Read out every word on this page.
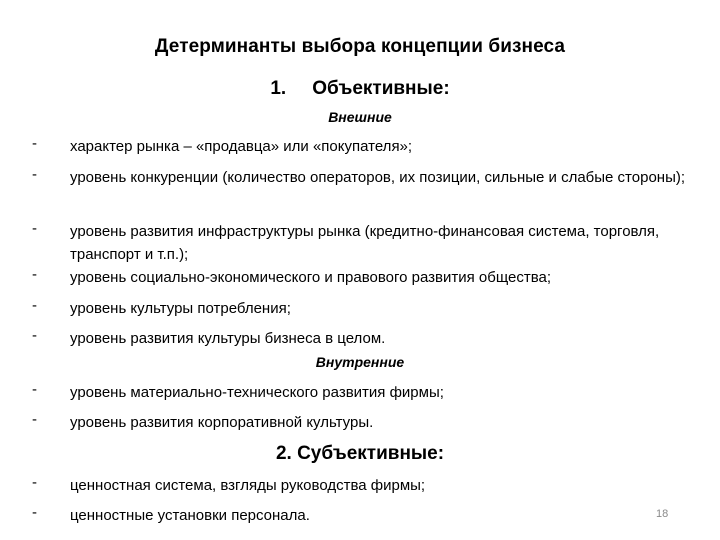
Детерминанты выбора концепции бизнеса
1. Объективные:
Внешние
- характер рынка – «продавца» или «покупателя»;
- уровень конкуренции (количество операторов, их позиции, сильные и слабые стороны);
- уровень развития инфраструктуры рынка (кредитно-финансовая система, торговля, транспорт и т.п.);
- уровень социально-экономического и правового развития общества;
- уровень культуры потребления;
- уровень развития культуры бизнеса в целом.
Внутренние
- уровень материально-технического развития фирмы;
- уровень развития корпоративной культуры.
2. Субъективные:
- ценностная система, взгляды руководства фирмы;
- ценностные установки персонала.	18
